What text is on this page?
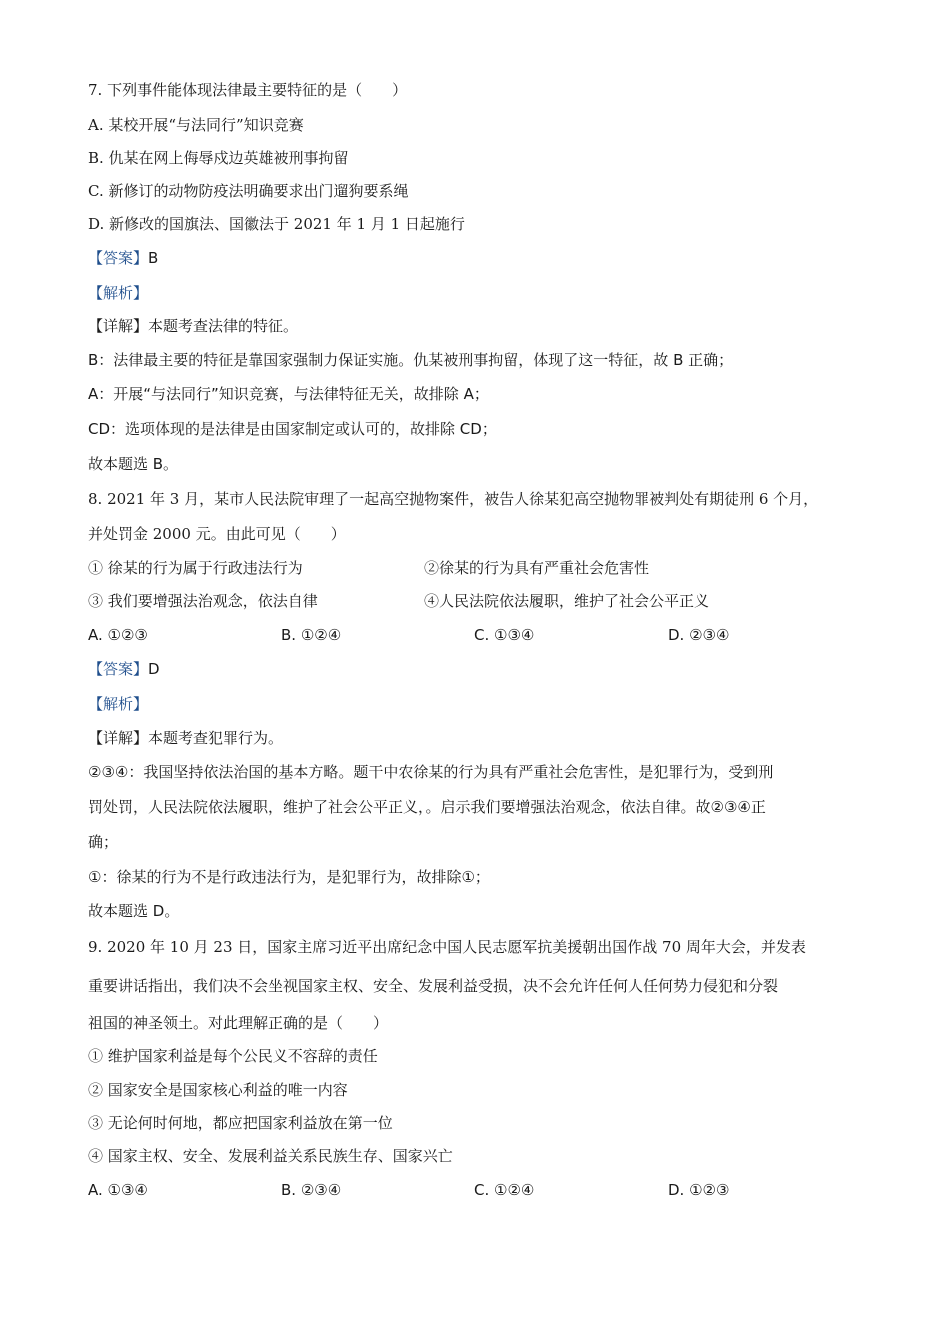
7. 下列事件能体现法律最主要特征的是（　　）
A. 某校开展“与法同行”知识竞赛
B. 仇某在网上侮辱戍边英雄被刑事拘留
C. 新修订的动物防疫法明确要求出门遛狗要系绳
D. 新修改的国旗法、国徽法于 2021 年 1 月 1 日起施行
【答案】B
【解析】
【详解】本题考查法律的特征。
B：法律最主要的特征是靠国家强制力保证实施。仇某被刑事拘留，体现了这一特征，故 B 正确；
A：开展“与法同行”知识竞赛，与法律特征无关，故排除 A；
CD：选项体现的是法律是由国家制定或认可的，故排除 CD；
故本题选 B。
8. 2021 年 3 月，某市人民法院审理了一起高空抛物案件，被告人徐某犯高空抛物罪被判处有期徒刑 6 个月，
并处罚金 2000 元。由此可见（　　）
① 徐某的行为属于行政违法行为	②徐某的行为具有严重社会危害性
③ 我们要增强法治观念，依法自律	④人民法院依法履职，维护了社会公平正义
A. ①②③	B. ①②④	C. ①③④	D. ②③④
【答案】D
【解析】
【详解】本题考查犯罪行为。
②③④：我国坚持依法治国的基本方略。题干中农徐某的行为具有严重社会危害性，是犯罪行为，受到刑
罚处罚，人民法院依法履职，维护了社会公平正义，。启示我们要增强法治观念，依法自律。故②③④正
确；
①：徐某的行为不是行政违法行为，是犯罪行为，故排除①；
故本题选 D。
9. 2020 年 10 月 23 日，国家主席习近平出席纪念中国人民志愿军抗美援朝出国作战 70 周年大会，并发表
重要讲话指出，我们决不会坐视国家主权、安全、发展利益受损，决不会允许任何人任何势力侵犯和分裂
祖国的神圣领土。对此理解正确的是（　　）
① 维护国家利益是每个公民义不容辞的责任
② 国家安全是国家核心利益的唯一内容
③ 无论何时何地，都应把国家利益放在第一位
④ 国家主权、安全、发展利益关系民族生存、国家兴亡
A. ①③④	B. ②③④	C. ①②④	D. ①②③
